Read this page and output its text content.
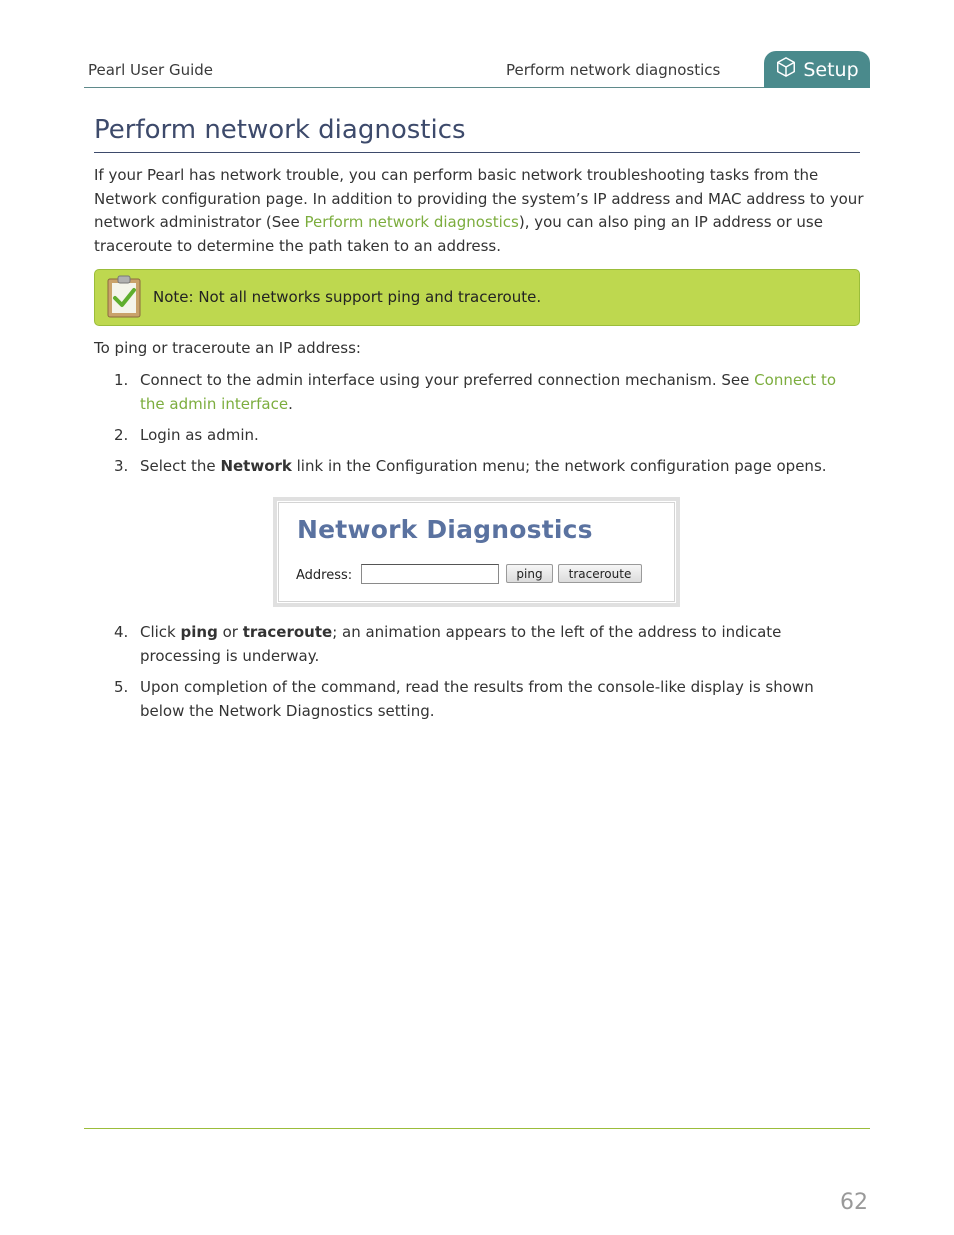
Pearl User Guide	Perform network diagnostics	Setup
Perform network diagnostics
If your Pearl has network trouble, you can perform basic network troubleshooting tasks from the Network configuration page. In addition to providing the system’s IP address and MAC address to your network administrator (See Perform network diagnostics), you can also ping an IP address or use traceroute to determine the path taken to an address.
Note: Not all networks support ping and traceroute.
To ping or traceroute an IP address:
1. Connect to the admin interface using your preferred connection mechanism. See Connect to the admin interface.
2. Login as admin.
3. Select the Network link in the Configuration menu; the network configuration page opens.
Network Diagnostics
Address:	ping	traceroute
4. Click ping or traceroute; an animation appears to the left of the address to indicate processing is underway.
5. Upon completion of the command, read the results from the console-like display is shown below the Network Diagnostics setting.
62
